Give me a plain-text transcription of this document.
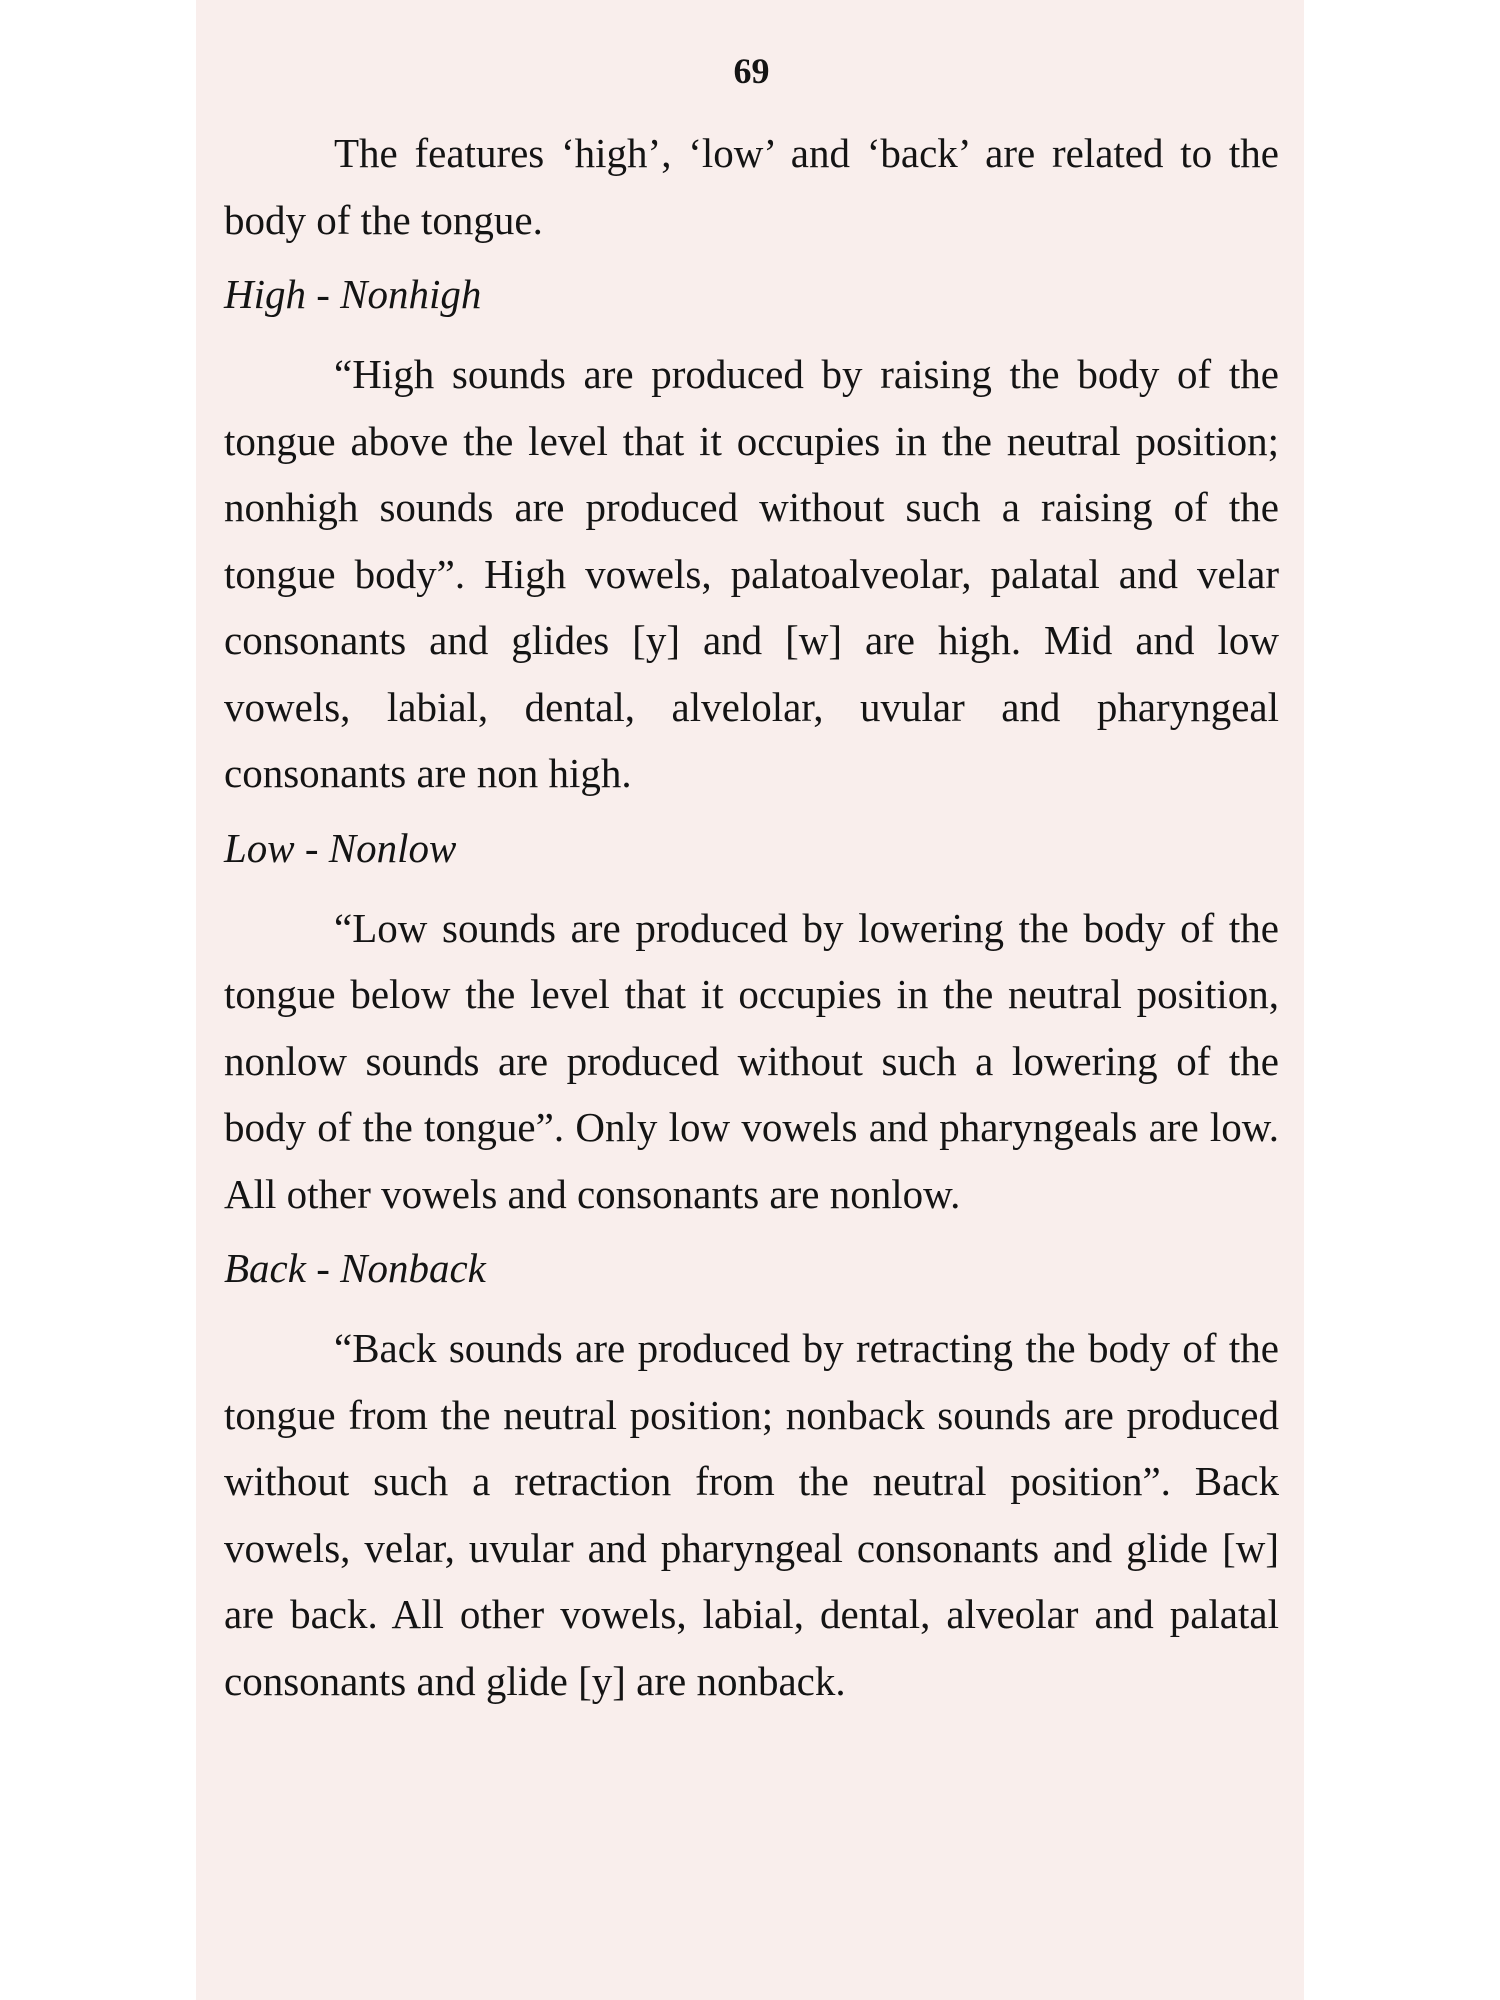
69

The features ‘high’, ‘low’ and ‘back’ are related to the body of the tongue.

High - Nonhigh

“High sounds are produced by raising the body of the tongue above the level that it occupies in the neutral position; nonhigh sounds are produced without such a raising of the tongue body”. High vowels, palatoalveolar, palatal and velar consonants and glides [y] and [w] are high. Mid and low vowels, labial, dental, alvelolar, uvular and pharyngeal consonants are non high.

Low - Nonlow

“Low sounds are produced by lowering the body of the tongue below the level that it occupies in the neutral position, nonlow sounds are produced without such a lowering of the body of the tongue”. Only low vowels and pharyngeals are low. All other vowels and consonants are nonlow.

Back - Nonback

“Back sounds are produced by retracting the body of the tongue from the neutral position; nonback sounds are produced without such a retraction from the neutral position”. Back vowels, velar, uvular and pharyngeal consonants and glide [w] are back. All other vowels, labial, dental, alveolar and palatal consonants and glide [y] are nonback.
